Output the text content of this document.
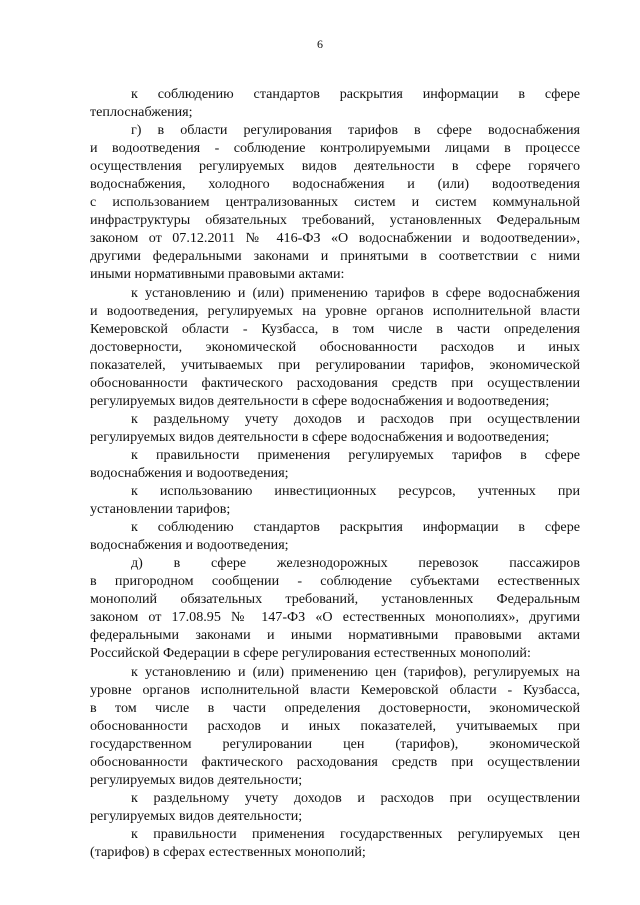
6
к соблюдению стандартов раскрытия информации в сфере
теплоснабжения;
г) в области регулирования тарифов в сфере водоснабжения
и водоотведения - соблюдение контролируемыми лицами в процессе
осуществления регулируемых видов деятельности в сфере горячего
водоснабжения, холодного водоснабжения и (или) водоотведения
с использованием централизованных систем и систем коммунальной
инфраструктуры обязательных требований, установленных Федеральным
законом от 07.12.2011 № 416-ФЗ «О водоснабжении и водоотведении»,
другими федеральными законами и принятыми в соответствии с ними
иными нормативными правовыми актами:
к установлению и (или) применению тарифов в сфере водоснабжения
и водоотведения, регулируемых на уровне органов исполнительной власти
Кемеровской области - Кузбасса, в том числе в части определения
достоверности, экономической обоснованности расходов и иных
показателей, учитываемых при регулировании тарифов, экономической
обоснованности фактического расходования средств при осуществлении
регулируемых видов деятельности в сфере водоснабжения и водоотведения;
к раздельному учету доходов и расходов при осуществлении
регулируемых видов деятельности в сфере водоснабжения и водоотведения;
к правильности применения регулируемых тарифов в сфере
водоснабжения и водоотведения;
к использованию инвестиционных ресурсов, учтенных при
установлении тарифов;
к соблюдению стандартов раскрытия информации в сфере
водоснабжения и водоотведения;
д) в сфере железнодорожных перевозок пассажиров
в пригородном сообщении - соблюдение субъектами естественных
монополий обязательных требований, установленных Федеральным
законом от 17.08.95 № 147-ФЗ «О естественных монополиях», другими
федеральными законами и иными нормативными правовыми актами
Российской Федерации в сфере регулирования естественных монополий:
к установлению и (или) применению цен (тарифов), регулируемых на
уровне органов исполнительной власти Кемеровской области - Кузбасса,
в том числе в части определения достоверности, экономической
обоснованности расходов и иных показателей, учитываемых при
государственном регулировании цен (тарифов), экономической
обоснованности фактического расходования средств при осуществлении
регулируемых видов деятельности;
к раздельному учету доходов и расходов при осуществлении
регулируемых видов деятельности;
к правильности применения государственных регулируемых цен
(тарифов) в сферах естественных монополий;
